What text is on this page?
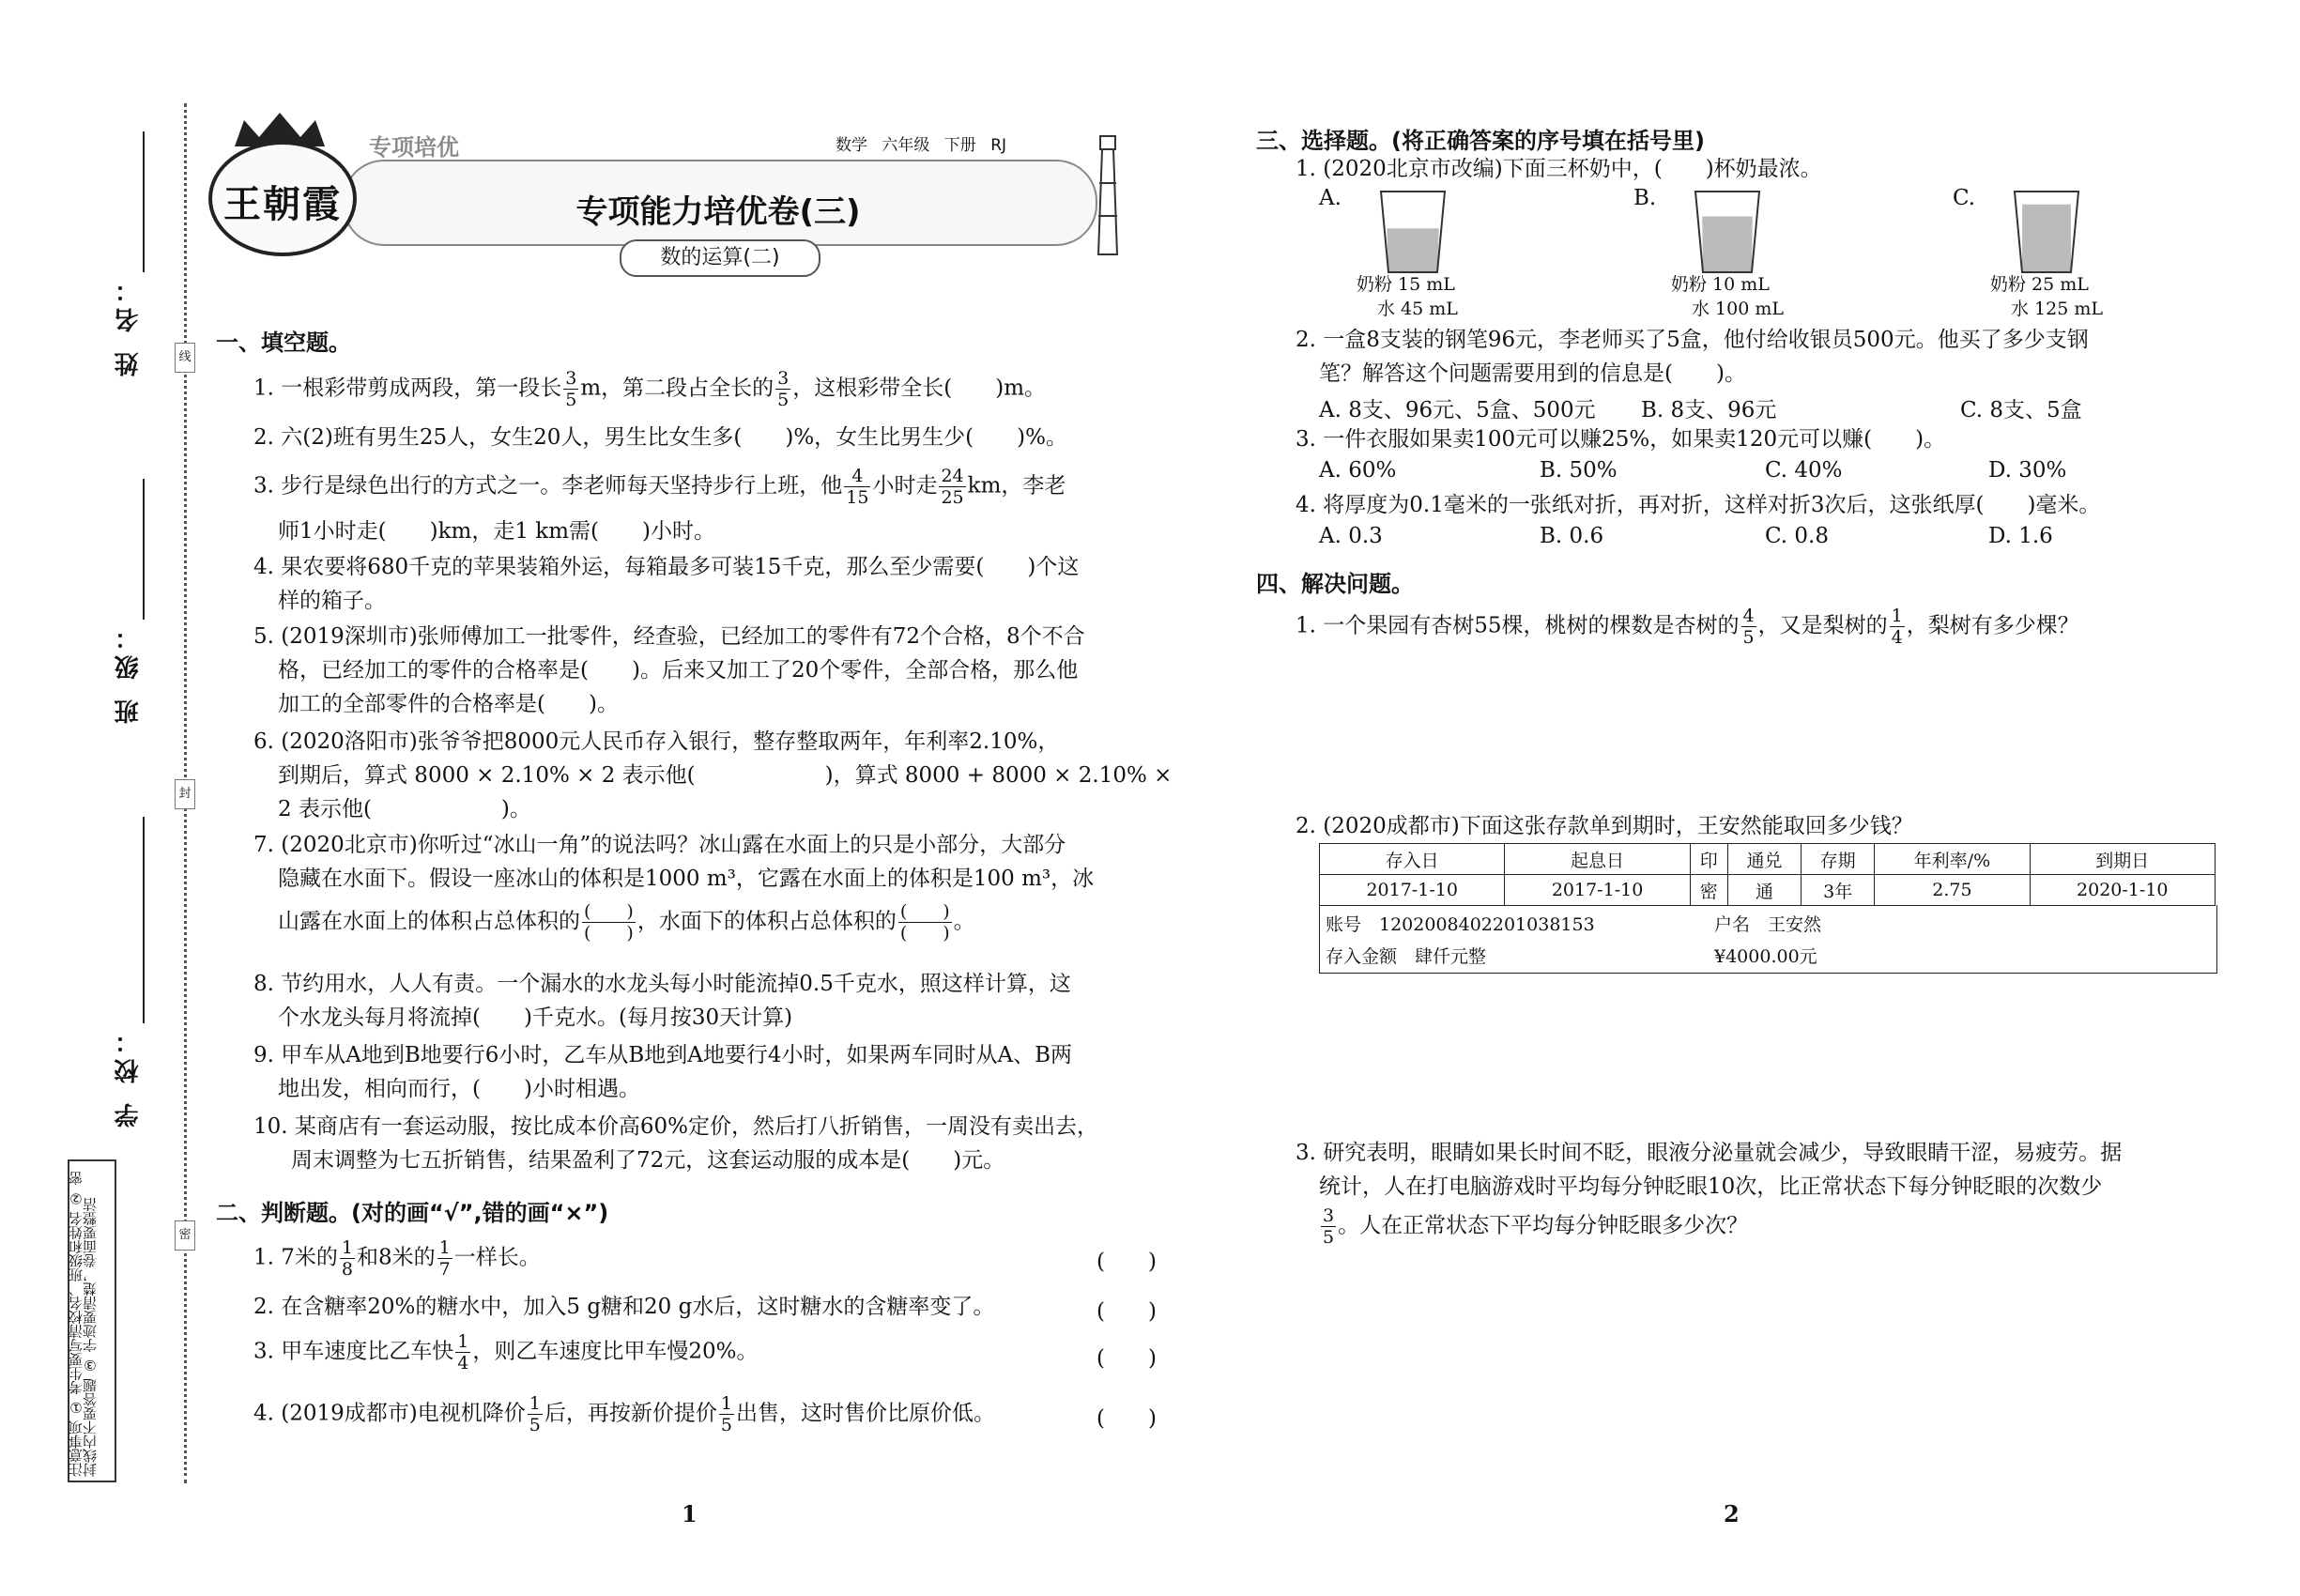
姓 名：
班 级：
学 校：
线
封
密
注意事项 ① 考生要写清校名、班级和姓名 ② 密封线内不要答题 ③ 字迹要清楚，卷面要整洁
王朝霞
专项培优	数学 六年级 下册 RJ
专项能力培优卷(三)
数的运算(二)
一、填空题。
1. 一根彩带剪成两段，第一段长 $\frac{3}{5}$ m，第二段占全长的 $\frac{3}{5}$ ，这根彩带全长(　　)m。
2. 六(2)班有男生25人，女生20人，男生比女生多(　　)%，女生比男生少(　　)%。
3. 步行是绿色出行的方式之一。李老师每天坚持步行上班，他 $\frac{4}{15}$ 小时走 $\frac{24}{25}$ km，李老
师1小时走(　　)km，走1 km需(　　)小时。
4. 果农要将680千克的苹果装箱外运，每箱最多可装15千克，那么至少需要(　　)个这
样的箱子。
5. (2019深圳市)张师傅加工一批零件，经查验，已经加工的零件有72个合格，8个不合
格，已经加工的零件的合格率是(　　)。后来又加工了20个零件，全部合格，那么他
加工的全部零件的合格率是(　　)。
6. (2020洛阳市)张爷爷把8000元人民币存入银行，整存整取两年，年利率2.10%，
到期后，算式 8000 × 2.10% × 2 表示他(　　　　　　)，算式 8000 + 8000 × 2.10% ×
2 表示他(　　　　　　)。
7. (2020北京市)你听过“冰山一角”的说法吗？冰山露在水面上的只是小部分，大部分
隐藏在水面下。假设一座冰山的体积是1000 m³，它露在水面上的体积是100 m³，冰
山露在水面上的体积占总体积的 $\frac{( )}{( )}$ ，水面下的体积占总体积的 $\frac{( )}{( )}$ 。
8. 节约用水，人人有责。一个漏水的水龙头每小时能流掉0.5千克水，照这样计算，这
个水龙头每月将流掉(　　)千克水。(每月按30天计算)
9. 甲车从A地到B地要行6小时，乙车从B地到A地要行4小时，如果两车同时从A、B两
地出发，相向而行，(　　)小时相遇。
10. 某商店有一套运动服，按比成本价高60%定价，然后打八折销售，一周没有卖出去，
周末调整为七五折销售，结果盈利了72元，这套运动服的成本是(　　)元。
二、判断题。(对的画“√”,错的画“×”)
1. 7米的 $\frac{1}{8}$ 和8米的 $\frac{1}{7}$ 一样长。	(　　)
2. 在含糖率20%的糖水中，加入5 g糖和20 g水后，这时糖水的含糖率变了。	(　　)
3. 甲车速度比乙车快 $\frac{1}{4}$ ，则乙车速度比甲车慢20%。	(　　)
4. (2019成都市)电视机降价 $\frac{1}{5}$ 后，再按新价提价 $\frac{1}{5}$ 出售，这时售价比原价低。	(　　)
1
三、选择题。(将正确答案的序号填在括号里)
1. (2020北京市改编)下面三杯奶中，(　　)杯奶最浓。
A.
奶粉 15 mL
水 45 mL
B.
奶粉 10 mL
水 100 mL
C.
奶粉 25 mL
水 125 mL
2. 一盒8支装的钢笔96元，李老师买了5盒，他付给收银员500元。他买了多少支钢
笔？解答这个问题需要用到的信息是(　　)。
A. 8支、96元、5盒、500元 B. 8支、96元	C. 8支、5盒
3. 一件衣服如果卖100元可以赚25%，如果卖120元可以赚(　　)。
A. 60%	B. 50%	C. 40%	D. 30%
4. 将厚度为0.1毫米的一张纸对折，再对折，这样对折3次后，这张纸厚(　　)毫米。
A. 0.3	B. 0.6	C. 0.8	D. 1.6
四、解决问题。
1. 一个果园有杏树55棵，桃树的棵数是杏树的 $\frac{4}{5}$ ，又是梨树的 $\frac{1}{4}$ ，梨树有多少棵？
2. (2020成都市)下面这张存款单到期时，王安然能取回多少钱？
存入日	起息日	印	通兑	存期	年利率/%	到期日
2017-1-10	2017-1-10	密	通	3年	2.75	2020-1-10
账号　1202008402201038153	户名　王安然
存入金额　肆仟元整	¥4000.00元
3. 研究表明，眼睛如果长时间不眨，眼液分泌量就会减少，导致眼睛干涩，易疲劳。据
统计，人在打电脑游戏时平均每分钟眨眼10次，比正常状态下每分钟眨眼的次数少
$\frac{3}{5}$ 。人在正常状态下平均每分钟眨眼多少次？
2
